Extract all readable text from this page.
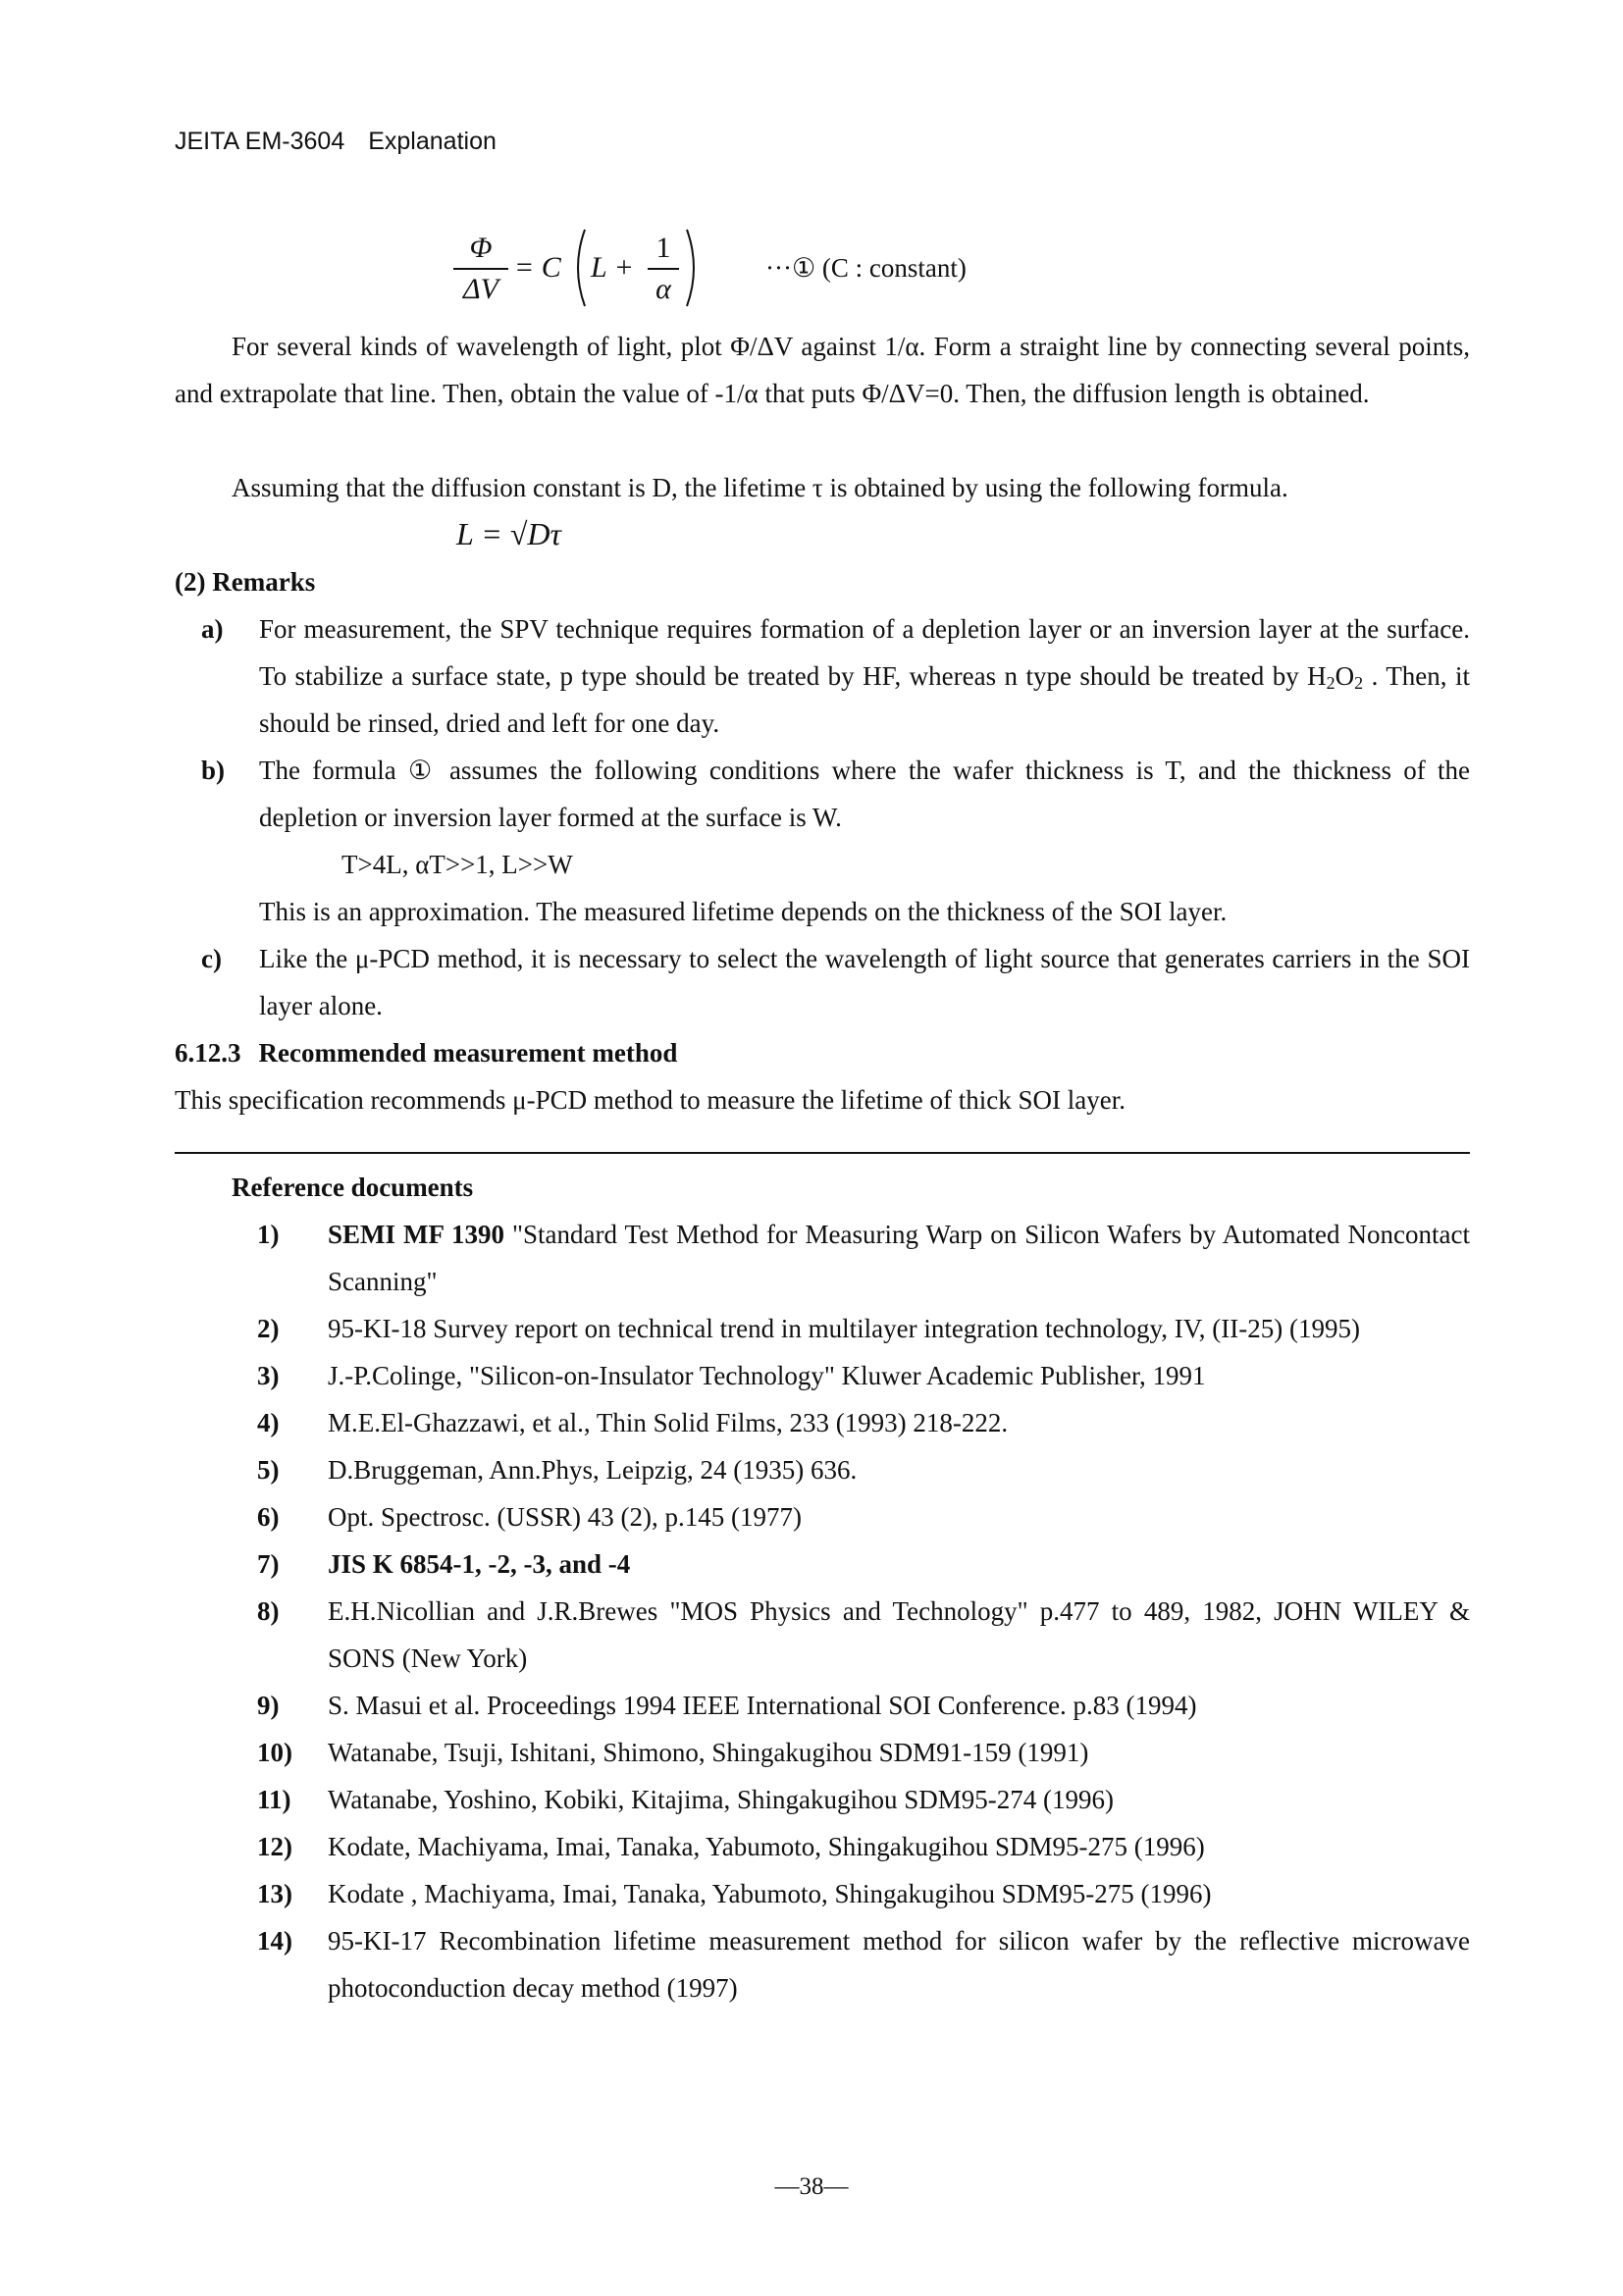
JEITA EM-3604 Explanation
Φ
ΔV
= C L +
1
α
···① (C : constant)
For several kinds of wavelength of light, plot Φ/ΔV against 1/α. Form a straight line by connecting several points, and extrapolate that line. Then, obtain the value of -1/α that puts Φ/ΔV=0. Then, the diffusion length is obtained.
Assuming that the diffusion constant is D, the lifetime τ is obtained by using the following formula.
L = √Dτ
(2) Remarks
a) For measurement, the SPV technique requires formation of a depletion layer or an inversion layer at the surface. To stabilize a surface state, p type should be treated by HF, whereas n type should be treated by $H_2O_2$ . Then, it should be rinsed, dried and left for one day.
b) The formula ① assumes the following conditions where the wafer thickness is T, and the thickness of the depletion or inversion layer formed at the surface is W.
T>4L, αT>>1, L>>W
This is an approximation. The measured lifetime depends on the thickness of the SOI layer.
c) Like the μ-PCD method, it is necessary to select the wavelength of light source that generates carriers in the SOI layer alone.
6.12.3 Recommended measurement method
This specification recommends μ-PCD method to measure the lifetime of thick SOI layer.
Reference documents
1)	SEMI MF 1390 "Standard Test Method for Measuring Warp on Silicon Wafers by Automated Noncontact Scanning"
2)	95-KI-18 Survey report on technical trend in multilayer integration technology, IV, (II-25) (1995)
3)	J.-P.Colinge, "Silicon-on-Insulator Technology" Kluwer Academic Publisher, 1991
4)	M.E.El-Ghazzawi, et al., Thin Solid Films, 233 (1993) 218-222.
5)	D.Bruggeman, Ann.Phys, Leipzig, 24 (1935) 636.
6)	Opt. Spectrosc. (USSR) 43 (2), p.145 (1977)
7)	JIS K 6854-1, -2, -3, and -4
8)	E.H.Nicollian and J.R.Brewes "MOS Physics and Technology" p.477 to 489, 1982, JOHN WILEY & SONS (New York)
9)	S. Masui et al. Proceedings 1994 IEEE International SOI Conference. p.83 (1994)
10)	Watanabe, Tsuji, Ishitani, Shimono, Shingakugihou SDM91-159 (1991)
11)	Watanabe, Yoshino, Kobiki, Kitajima, Shingakugihou SDM95-274 (1996)
12)	Kodate, Machiyama, Imai, Tanaka, Yabumoto, Shingakugihou SDM95-275 (1996)
13)	Kodate , Machiyama, Imai, Tanaka, Yabumoto, Shingakugihou SDM95-275 (1996)
14)	95-KI-17 Recombination lifetime measurement method for silicon wafer by the reflective microwave photoconduction decay method (1997)
—38—
